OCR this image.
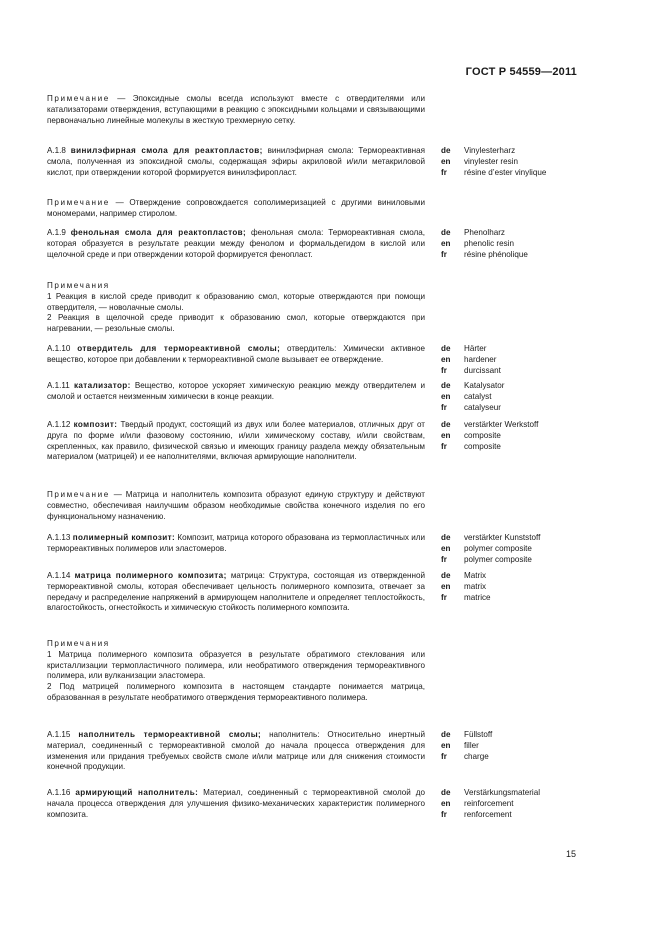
ГОСТ Р 54559—2011
Примечание — Эпоксидные смолы всегда используют вместе с отвердителями или катализаторами отверждения, вступающими в реакцию с эпоксидными кольцами и связывающими первоначально линейные молекулы в жесткую трехмерную сетку.
А.1.8 винилэфирная смола для реактопластов; винилэфирная смола: Термореактивная смола, полученная из эпоксидной смолы, содержащая эфиры акриловой и/или метакриловой кислот, при отверждении которой формируется винилэфиропласт.
de	Vinylesterharz
en	vinylester resin
fr	résine d’ester vinylique
Примечание — Отверждение сопровождается сополимеризацией с другими виниловыми мономерами, например стиролом.
А.1.9 фенольная смола для реактопластов; фенольная смола: Термореактивная смола, которая образуется в результате реакции между фенолом и формальдегидом в кислой или щелочной среде и при отверждении которой формируется фенопласт.
de	Phenolharz
en	phenolic resin
fr	résine phénolique

Примечания

1 Реакция в кислой среде приводит к образованию смол, которые отверждаются при помощи отвердителя, — новолачные смолы.

2 Реакция в щелочной среде приводит к образованию смол, которые отверждаются при нагревании, — резольные смолы.

А.1.10 отвердитель для термореактивной смолы; отвердитель: Химически активное вещество, которое при добавлении к термореактивной смоле вызывает ее отверждение.
de	Härter
en	hardener
fr	durcissant
А.1.11 катализатор: Вещество, которое ускоряет химическую реакцию между отвердителем и смолой и остается неизменным химически в конце реакции.
de	Katalysator
en	catalyst
fr	catalyseur
А.1.12 композит: Твердый продукт, состоящий из двух или более материалов, отличных друг от друга по форме и/или фазовому состоянию, и/или химическому составу, и/или свойствам, скрепленных, как правило, физической связью и имеющих границу раздела между обязательным материалом (матрицей) и ее наполнителями, включая армирующие наполнители.
de	verstärkter Werkstoff
en	composite
fr	composite
Примечание — Матрица и наполнитель композита образуют единую структуру и действуют совместно, обеспечивая наилучшим образом необходимые свойства конечного изделия по его функциональному назначению.
А.1.13 полимерный композит: Композит, матрица которого образована из термопластичных или термореактивных полимеров или эластомеров.
de	verstärkter Kunststoff
en	polymer composite
fr	polymer composite
А.1.14 матрица полимерного композита; матрица: Структура, состоящая из отвержденной термореактивной смолы, которая обеспечивает цельность полимерного композита, отвечает за передачу и распределение напряжений в армирующем наполнителе и определяет теплостойкость, влагостойкость, огнестойкость и химическую стойкость полимерного композита.
de	Matrix
en	matrix
fr	matrice

Примечания

1 Матрица полимерного композита образуется в результате обратимого стеклования или кристаллизации термопластичного полимера, или необратимого отверждения термореактивного полимера, или вулканизации эластомера.

2 Под матрицей полимерного композита в настоящем стандарте понимается матрица, образованная в результате необратимого отверждения термореактивного полимера.

А.1.15 наполнитель термореактивной смолы; наполнитель: Относительно инертный материал, соединенный с термореактивной смолой до начала процесса отверждения для изменения или придания требуемых свойств смоле и/или матрице или для снижения стоимости конечной продукции.
de	Füllstoff
en	filler
fr	charge
А.1.16 армирующий наполнитель: Материал, соединенный с термореактивной смолой до начала процесса отверждения для улучшения физико-механических характеристик полимерного композита.
de	Verstärkungsmaterial
en	reinforcement
fr	renforcement
15
